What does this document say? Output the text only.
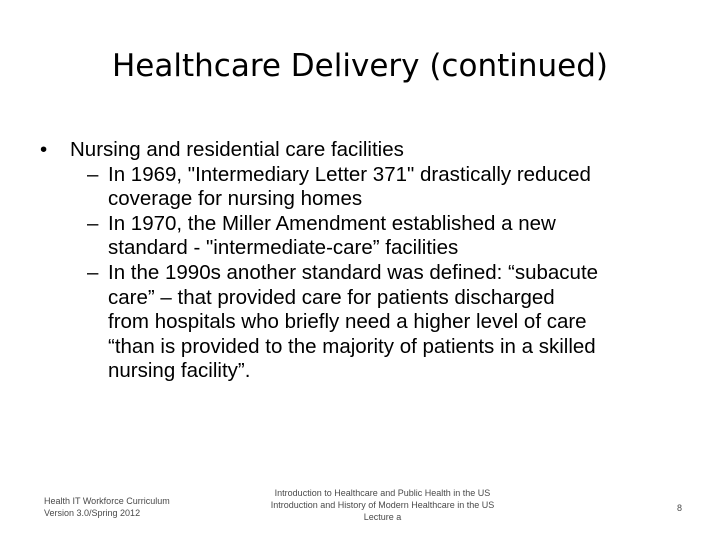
Healthcare Delivery (continued)
•	Nursing and residential care facilities
– In 1969, "Intermediary Letter 371" drastically reduced
coverage for nursing homes
– In 1970, the Miller Amendment established a new
standard - "intermediate-care” facilities
– In the 1990s another standard was defined: “subacute
care” – that provided care for patients discharged
from hospitals who briefly need a higher level of care
“than is provided to the majority of patients in a skilled
nursing facility”.
Health IT Workforce Curriculum
Version 3.0/Spring 2012
Introduction to Healthcare and Public Health in the US
Introduction and History of Modern Healthcare in the US
Lecture a
8
